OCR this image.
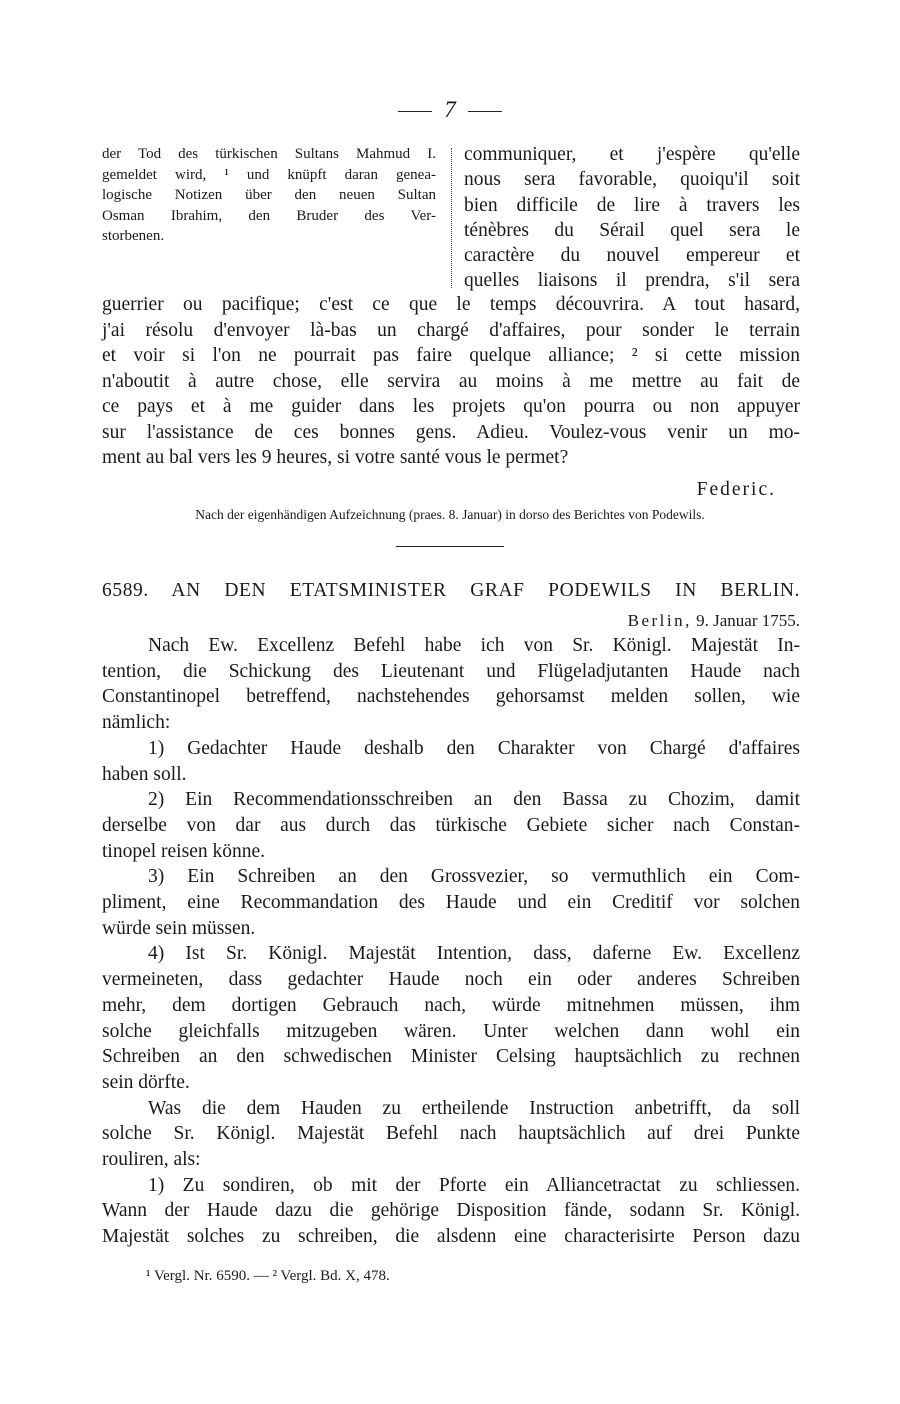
7
der Tod des türkischen Sultans Mahmud I.
gemeldet wird, ¹ und knüpft daran genea-
logische Notizen über den neuen Sultan
Osman Ibrahim, den Bruder des Ver-
storbenen.
communiquer, et j'espère qu'elle
nous sera favorable, quoiqu'il soit
bien difficile de lire à travers les
ténèbres du Sérail quel sera le
caractère du nouvel empereur et
quelles liaisons il prendra, s'il sera
guerrier ou pacifique; c'est ce que le temps découvrira. A tout hasard,
j'ai résolu d'envoyer là-bas un chargé d'affaires, pour sonder le terrain
et voir si l'on ne pourrait pas faire quelque alliance; ² si cette mission
n'aboutit à autre chose, elle servira au moins à me mettre au fait de
ce pays et à me guider dans les projets qu'on pourra ou non appuyer
sur l'assistance de ces bonnes gens. Adieu. Voulez-vous venir un mo-
ment au bal vers les 9 heures, si votre santé vous le permet?
Federic.
Nach der eigenhändigen Aufzeichnung (praes. 8. Januar) in dorso des Berichtes von Podewils.
6589. AN DEN ETATSMINISTER GRAF PODEWILS IN BERLIN.
Berlin, 9. Januar 1755.
Nach Ew. Excellenz Befehl habe ich von Sr. Königl. Majestät In-
tention, die Schickung des Lieutenant und Flügeladjutanten Haude nach
Constantinopel betreffend, nachstehendes gehorsamst melden sollen, wie
nämlich:
1) Gedachter Haude deshalb den Charakter von Chargé d'affaires
haben soll.
2) Ein Recommendationsschreiben an den Bassa zu Chozim, damit
derselbe von dar aus durch das türkische Gebiete sicher nach Constan-
tinopel reisen könne.
3) Ein Schreiben an den Grossvezier, so vermuthlich ein Com-
pliment, eine Recommandation des Haude und ein Creditif vor solchen
würde sein müssen.
4) Ist Sr. Königl. Majestät Intention, dass, daferne Ew. Excellenz
vermeineten, dass gedachter Haude noch ein oder anderes Schreiben
mehr, dem dortigen Gebrauch nach, würde mitnehmen müssen, ihm
solche gleichfalls mitzugeben wären. Unter welchen dann wohl ein
Schreiben an den schwedischen Minister Celsing hauptsächlich zu rechnen
sein dörfte.
Was die dem Hauden zu ertheilende Instruction anbetrifft, da soll
solche Sr. Königl. Majestät Befehl nach hauptsächlich auf drei Punkte
rouliren, als:
1) Zu sondiren, ob mit der Pforte ein Alliancetractat zu schliessen.
Wann der Haude dazu die gehörige Disposition fände, sodann Sr. Königl.
Majestät solches zu schreiben, die alsdenn eine characterisirte Person dazu
¹ Vergl. Nr. 6590. — ² Vergl. Bd. X, 478.
